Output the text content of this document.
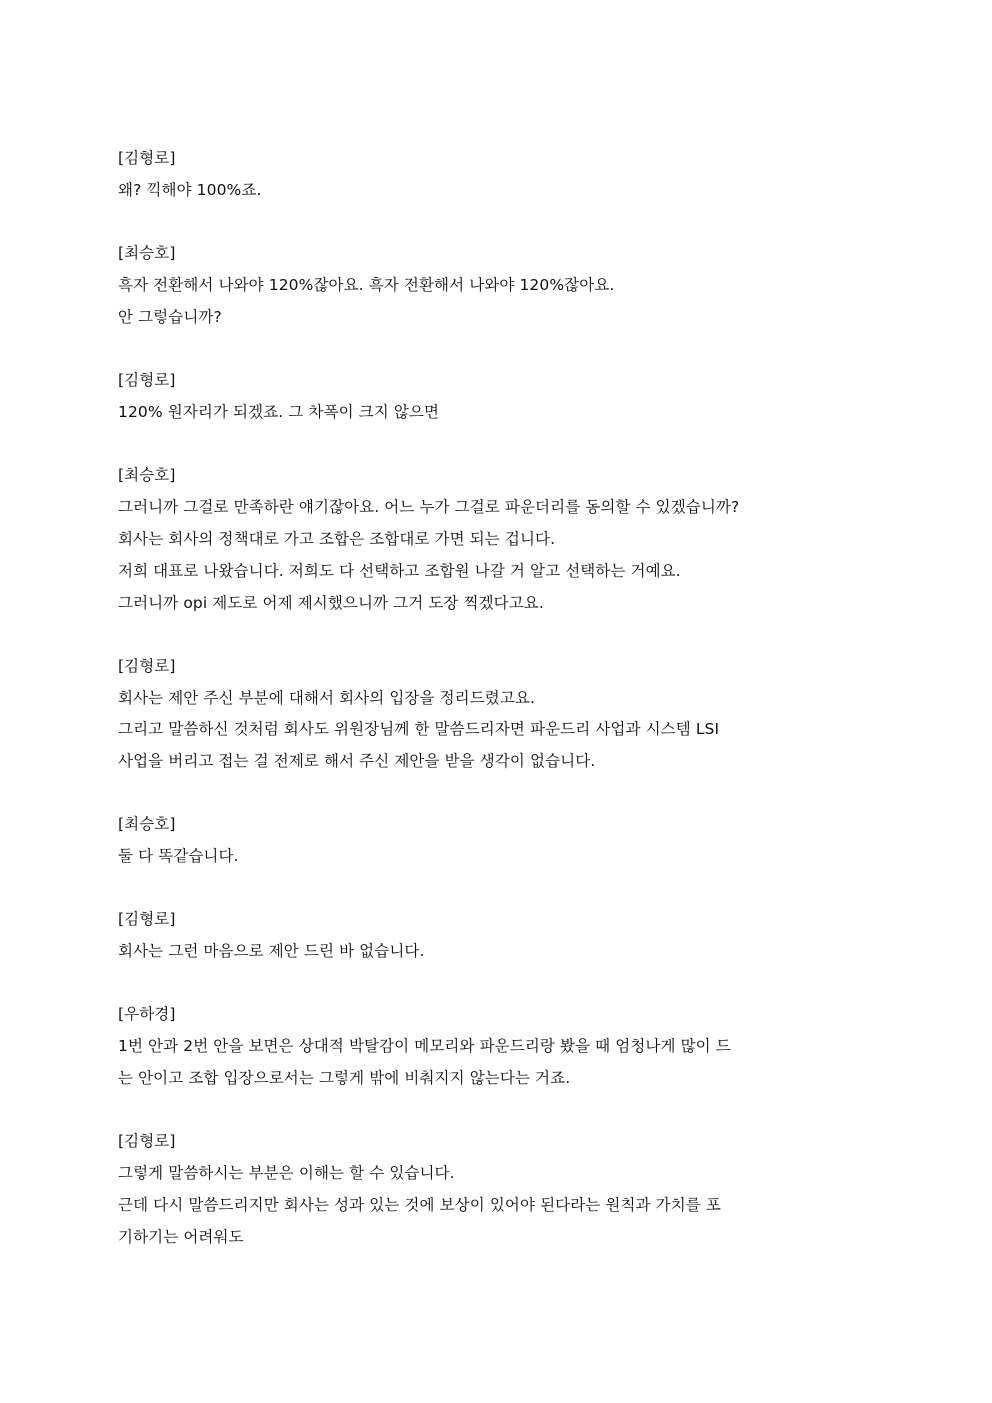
[김형로]
왜? 끽해야 100%죠.
[최승호]
흑자 전환해서 나와야 120%잖아요. 흑자 전환해서 나와야 120%잖아요.
안 그렇습니까?
[김형로]
120% 원자리가 되겠죠. 그 차폭이 크지 않으면
[최승호]
그러니까 그걸로 만족하란 얘기잖아요. 어느 누가 그걸로 파운더리를 동의할 수 있겠습니까?
회사는 회사의 정책대로 가고 조합은 조합대로 가면 되는 겁니다.
저희 대표로 나왔습니다. 저희도 다 선택하고 조합원 나갈 거 알고 선택하는 거예요.
그러니까 opi 제도로 어제 제시했으니까 그거 도장 찍겠다고요.
[김형로]
회사는 제안 주신 부분에 대해서 회사의 입장을 정리드렸고요.
그리고 말씀하신 것처럼 회사도 위원장님께 한 말씀드리자면 파운드리 사업과 시스템 LSI
사업을 버리고 접는 걸 전제로 해서 주신 제안을 받을 생각이 없습니다.
[최승호]
둘 다 똑같습니다.
[김형로]
회사는 그런 마음으로 제안 드린 바 없습니다.
[우하경]
1번 안과 2번 안을 보면은 상대적 박탈감이 메모리와 파운드리랑 봤을 때 엄청나게 많이 드
는 안이고 조합 입장으로서는 그렇게 밖에 비춰지지 않는다는 거죠.
[김형로]
그렇게 말씀하시는 부분은 이해는 할 수 있습니다.
근데 다시 말씀드리지만 회사는 성과 있는 것에 보상이 있어야 된다라는 원칙과 가치를 포
기하기는 어려워도
